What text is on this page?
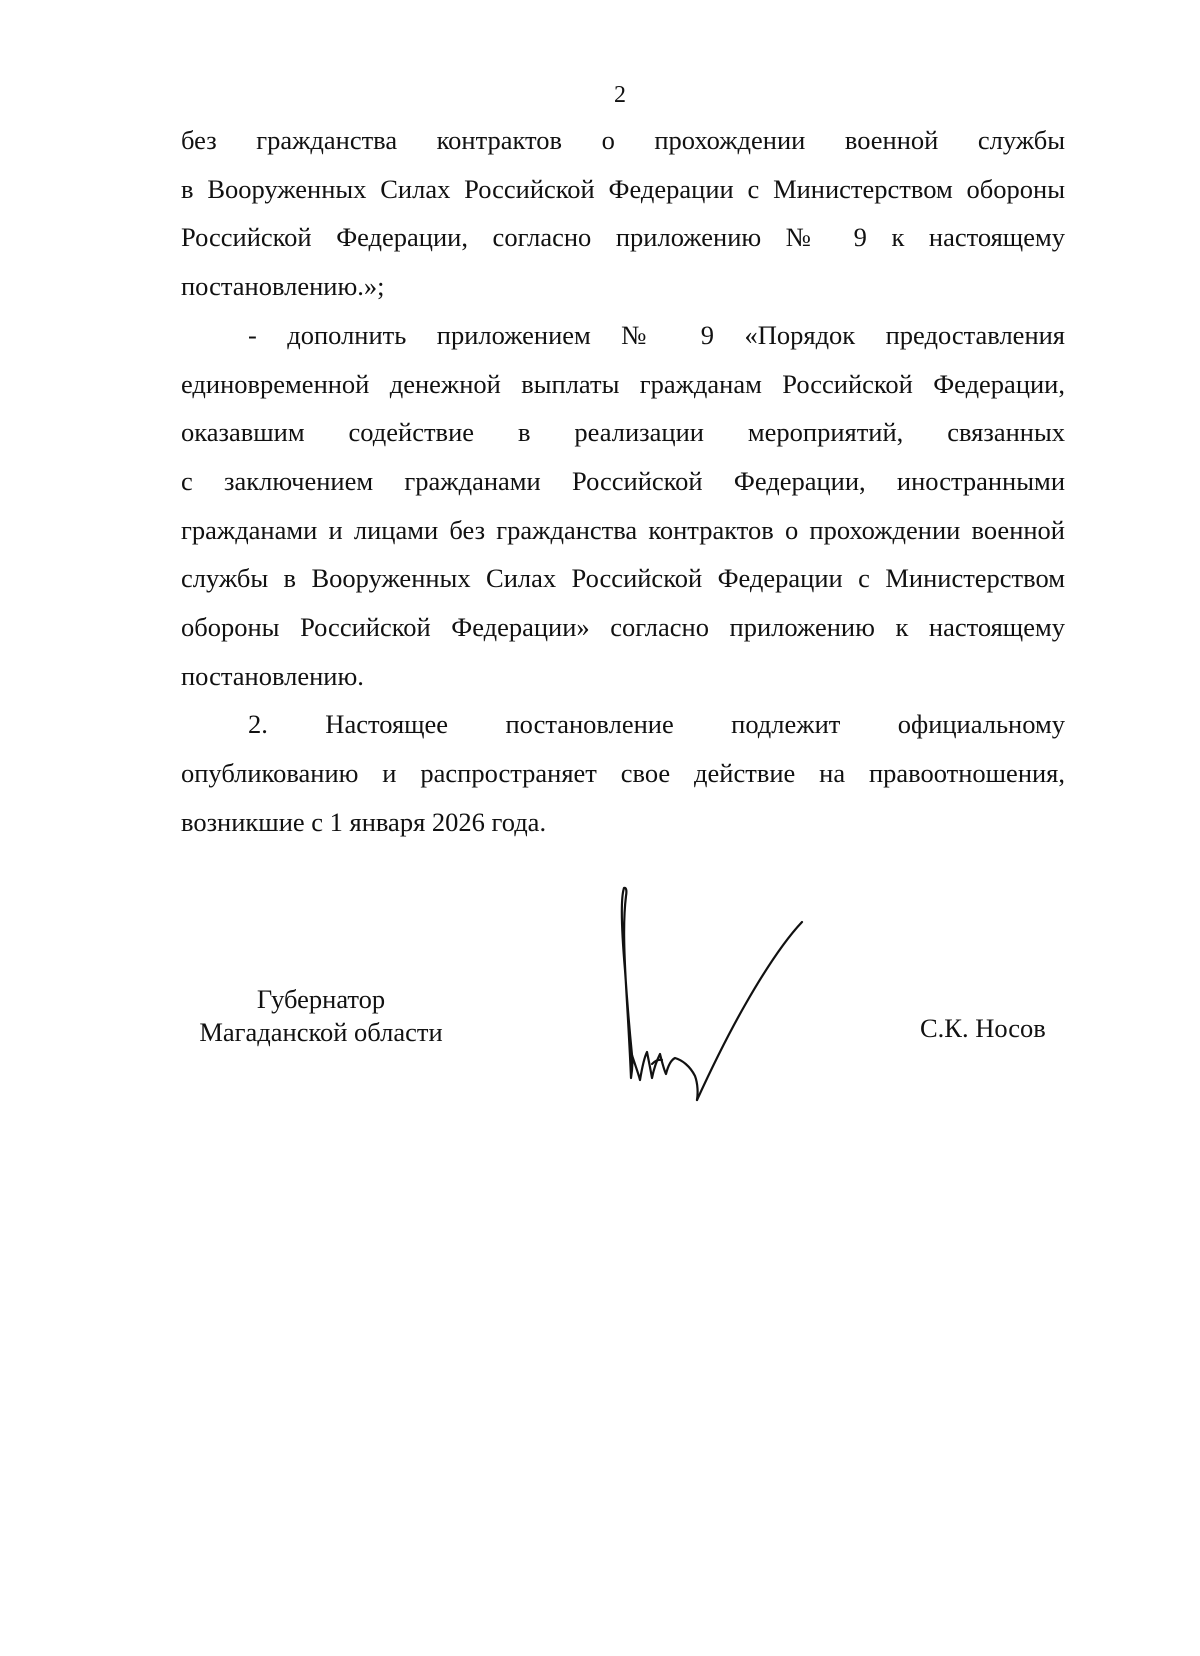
2

без гражданства контрактов о прохождении военной службы
в Вооруженных Силах Российской Федерации с Министерством обороны
Российской Федерации, согласно приложению № 9 к настоящему
постановлению.»;

- дополнить приложением № 9 «Порядок предоставления
единовременной денежной выплаты гражданам Российской Федерации,
оказавшим содействие в реализации мероприятий, связанных
с заключением гражданами Российской Федерации, иностранными
гражданами и лицами без гражданства контрактов о прохождении военной
службы в Вооруженных Силах Российской Федерации с Министерством
обороны Российской Федерации» согласно приложению к настоящему
постановлению.

2. Настоящее постановление подлежит официальному
опубликованию и распространяет свое действие на правоотношения,
возникшие с 1 января 2026 года.

Губернатор
Магаданской области	С.К. Носов
